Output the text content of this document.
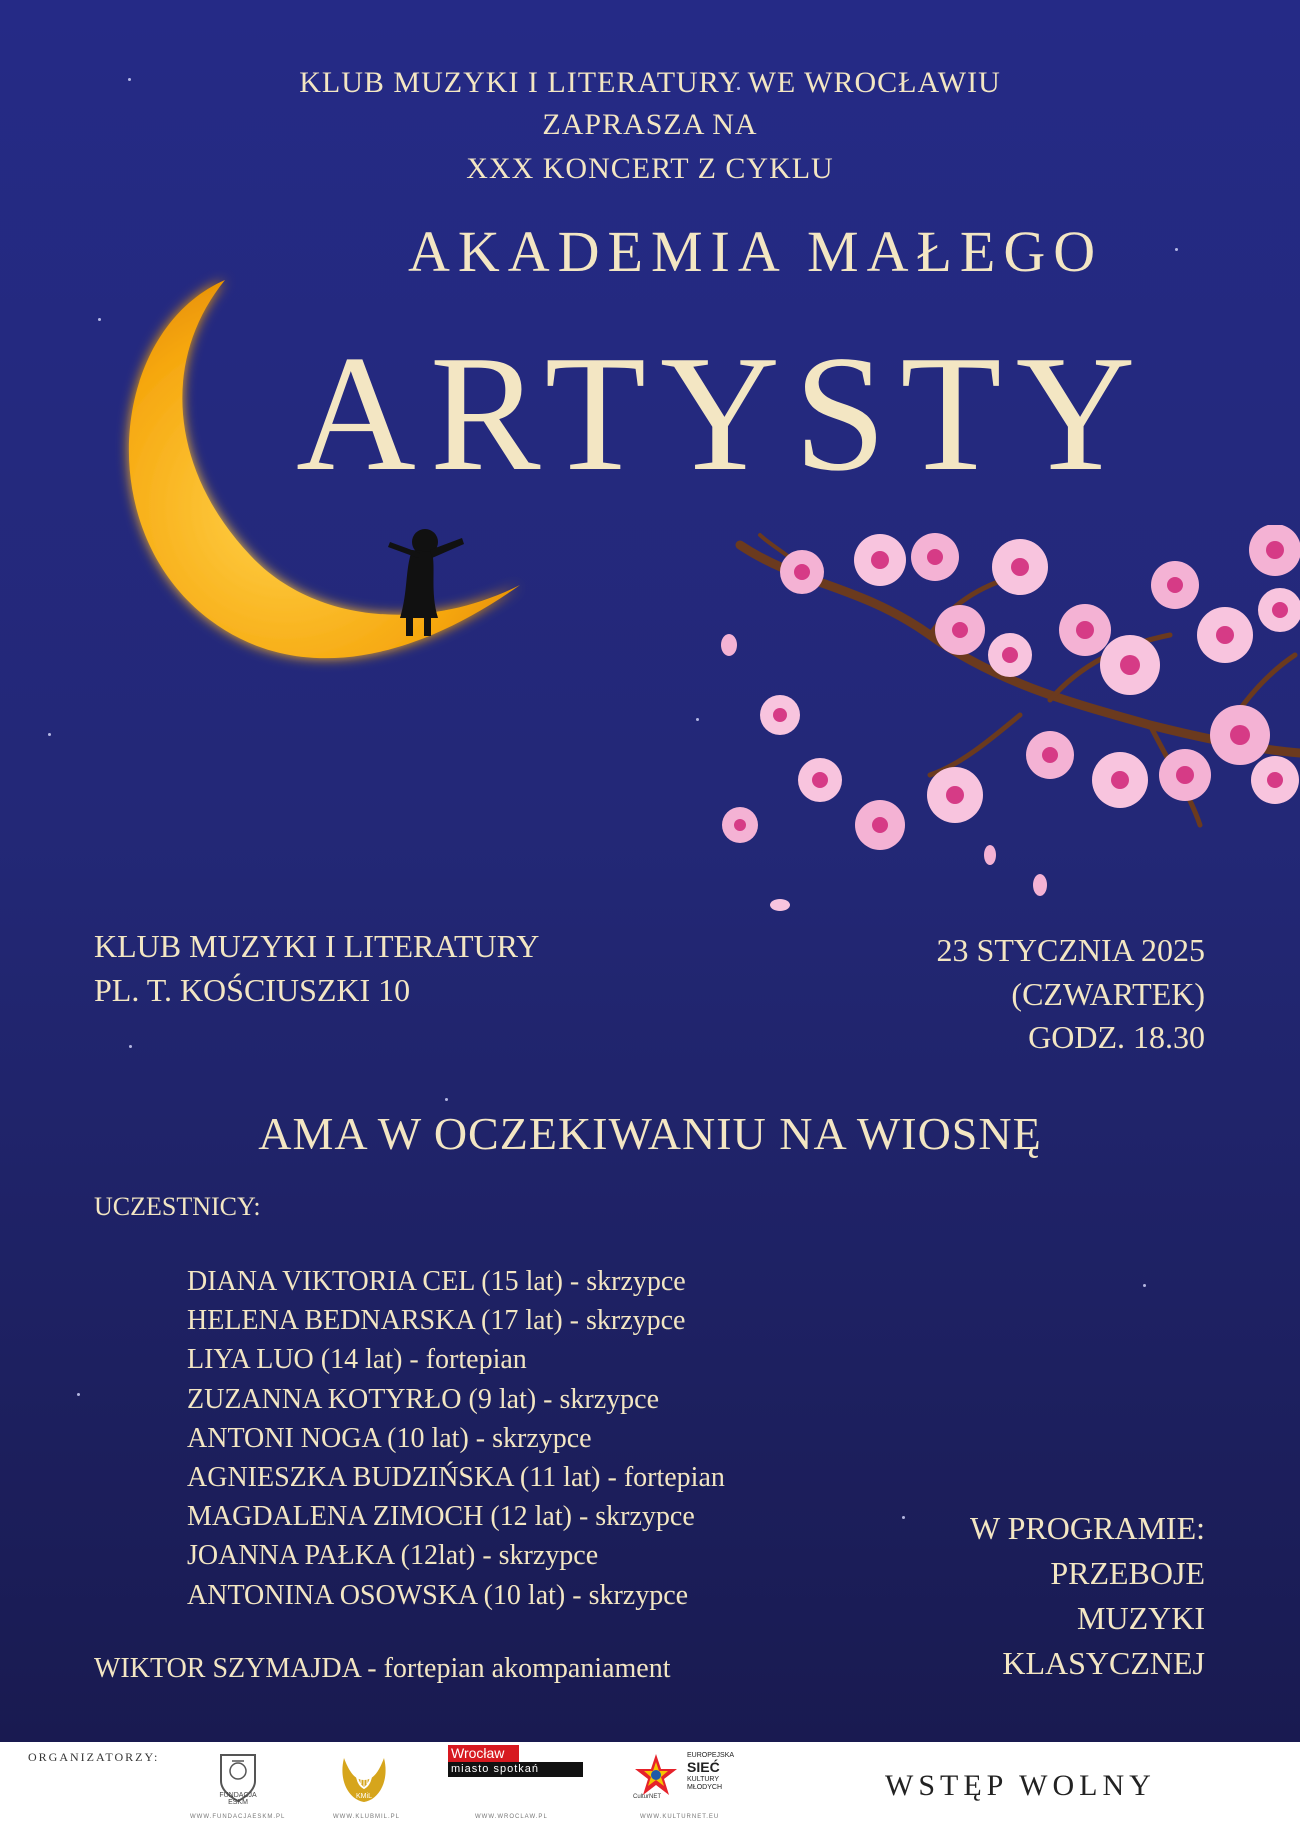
KLUB MUZYKI I LITERATURY WE WROCŁAWIU
ZAPRASZA NA
XXX KONCERT Z CYKLU
AKADEMIA MAŁEGO
ARTYSTY
KLUB MUZYKI I LITERATURY
PL. T. KOŚCIUSZKI 10
23 STYCZNIA 2025
(CZWARTEK)
GODZ. 18.30
AMA W OCZEKIWANIU NA WIOSNĘ
UCZESTNICY:
DIANA VIKTORIA CEL (15 lat) - skrzypce
HELENA BEDNARSKA (17 lat) - skrzypce
LIYA LUO (14 lat) - fortepian
ZUZANNA KOTYRŁO (9 lat) - skrzypce
ANTONI NOGA (10 lat) - skrzypce
AGNIESZKA BUDZIŃSKA (11 lat) - fortepian
MAGDALENA ZIMOCH (12 lat) - skrzypce
JOANNA PAŁKA (12lat) - skrzypce
ANTONINA OSOWSKA (10 lat) - skrzypce
WIKTOR SZYMAJDA - fortepian akompaniament
W PROGRAMIE:
PRZEBOJE
MUZYKI
KLASYCZNEJ
ORGANIZATORZY:
FUNDACJA ESKM
WWW.FUNDACJAESKM.PL
KMiL
WWW.KLUBMIL.PL
Wrocław
miasto spotkań
WWW.WROCLAW.PL
CulturNET
EUROPEJSKA
SIEĆ
KULTURY MŁODYCH
WWW.KULTURNET.EU
WSTĘP WOLNY
